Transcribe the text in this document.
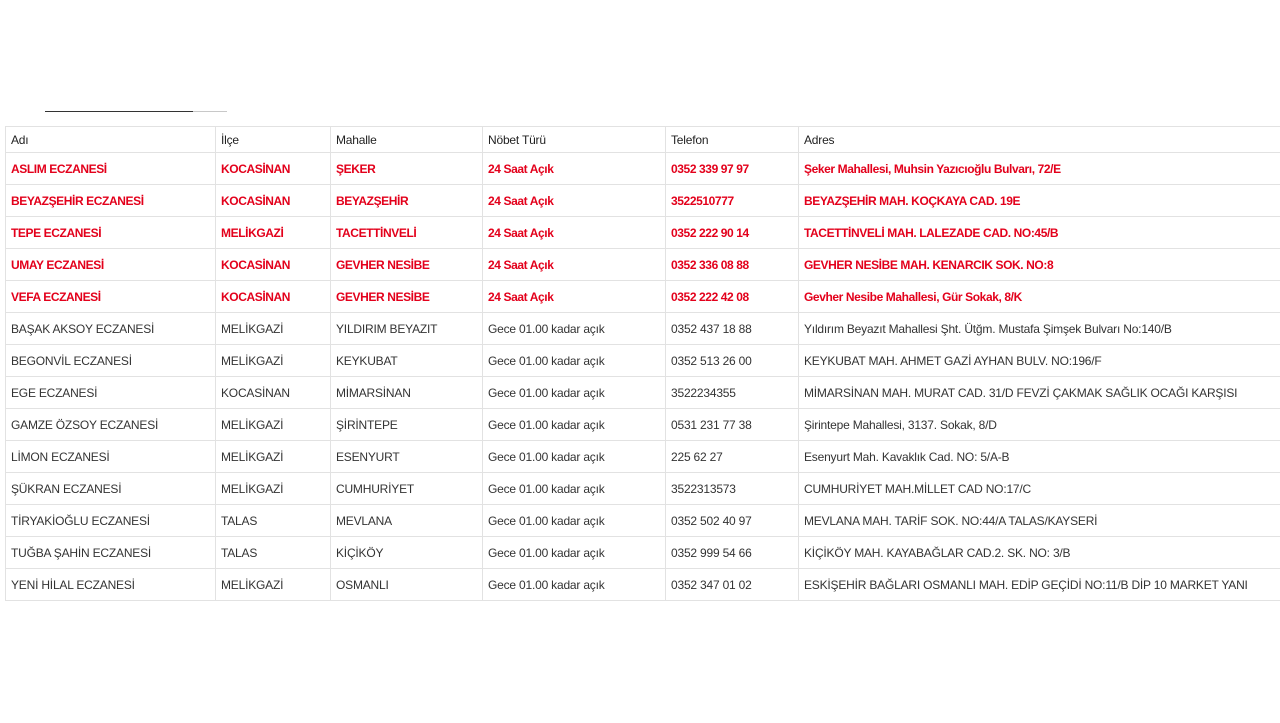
Adı	İlçe	Mahalle	Nöbet Türü	Telefon	Adres
ASLIM ECZANESİ	KOCASİNAN	ŞEKER	24 Saat Açık	0352 339 97 97	Şeker Mahallesi, Muhsin Yazıcıoğlu Bulvarı, 72/E
BEYAZŞEHİR ECZANESİ	KOCASİNAN	BEYAZŞEHİR	24 Saat Açık	3522510777	BEYAZŞEHİR MAH. KOÇKAYA CAD. 19E
TEPE ECZANESİ	MELİKGAZİ	TACETTİNVELİ	24 Saat Açık	0352 222 90 14	TACETTİNVELİ MAH. LALEZADE CAD. NO:45/B
UMAY ECZANESİ	KOCASİNAN	GEVHER NESİBE	24 Saat Açık	0352 336 08 88	GEVHER NESİBE MAH. KENARCIK SOK. NO:8
VEFA ECZANESİ	KOCASİNAN	GEVHER NESİBE	24 Saat Açık	0352 222 42 08	Gevher Nesibe Mahallesi, Gür Sokak, 8/K
BAŞAK AKSOY ECZANESİ	MELİKGAZİ	YILDIRIM BEYAZIT	Gece 01.00 kadar açık	0352 437 18 88	Yıldırım Beyazıt Mahallesi Şht. Ütğm. Mustafa Şimşek Bulvarı No:140/B
BEGONVİL ECZANESİ	MELİKGAZİ	KEYKUBAT	Gece 01.00 kadar açık	0352 513 26 00	KEYKUBAT MAH. AHMET GAZİ AYHAN BULV. NO:196/F
EGE ECZANESİ	KOCASİNAN	MİMARSİNAN	Gece 01.00 kadar açık	3522234355	MİMARSİNAN MAH. MURAT CAD. 31/D FEVZİ ÇAKMAK SAĞLIK OCAĞI KARŞISI
GAMZE ÖZSOY ECZANESİ	MELİKGAZİ	ŞİRİNTEPE	Gece 01.00 kadar açık	0531 231 77 38	Şirintepe Mahallesi, 3137. Sokak, 8/D
LİMON ECZANESİ	MELİKGAZİ	ESENYURT	Gece 01.00 kadar açık	225 62 27	Esenyurt Mah. Kavaklık Cad. NO: 5/A-B
ŞÜKRAN ECZANESİ	MELİKGAZİ	CUMHURİYET	Gece 01.00 kadar açık	3522313573	CUMHURİYET MAH.MİLLET CAD NO:17/C
TİRYAKİOĞLU ECZANESİ	TALAS	MEVLANA	Gece 01.00 kadar açık	0352 502 40 97	MEVLANA MAH. TARİF SOK. NO:44/A TALAS/KAYSERİ
TUĞBA ŞAHİN ECZANESİ	TALAS	KİÇİKÖY	Gece 01.00 kadar açık	0352 999 54 66	KİÇİKÖY MAH. KAYABAĞLAR CAD.2. SK. NO: 3/B
YENİ HİLAL ECZANESİ	MELİKGAZİ	OSMANLI	Gece 01.00 kadar açık	0352 347 01 02	ESKİŞEHİR BAĞLARI OSMANLI MAH. EDİP GEÇİDİ NO:11/B DİP 10 MARKET YANI
